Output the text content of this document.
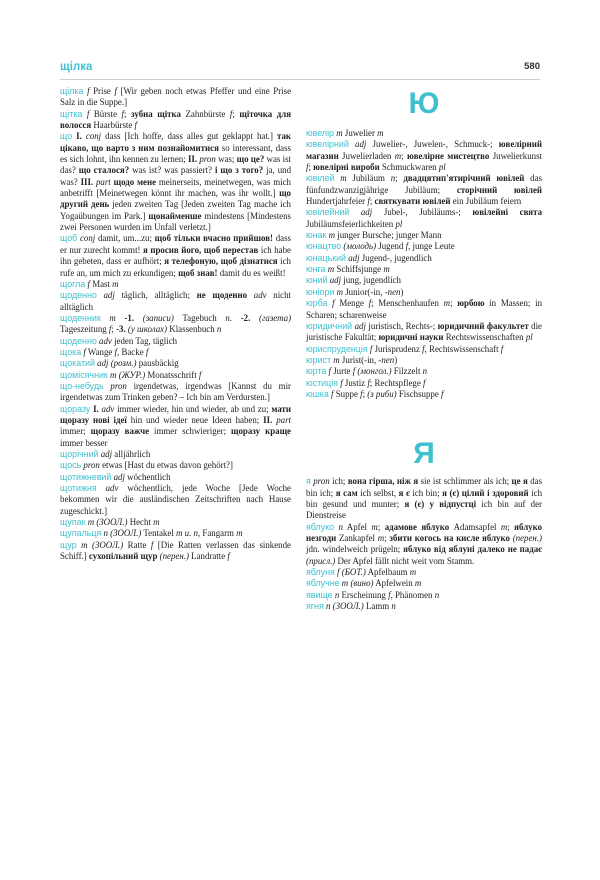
щілка	580

щілка f Prise f [Wir geben noch etwas Pfeffer und eine Prise Salz in die Suppe.]

щітка f Bürste f; зубна щітка Zahnbürste f; щіточка для волосся Haarbürste f

що I. conj dass [Ich hoffe, dass alles gut geklappt hat.] так цікаво, що варто з ним познайомитися so interessant, dass es sich lohnt, ihn kennen zu lernen; II. pron was; що це? was ist das? що сталося? was ist? was passiert? і що з того? ja, und was? III. part щодо мене meinerseits, meinetwegen, was mich anbetrifft [Meinetwegen könnt ihr machen, was ihr wollt.] що другий день jeden zweiten Tag [Jeden zweiten Tag mache ich Yogaübungen im Park.] щонайменше mindestens [Mindestens zwei Personen wurden im Unfall verletzt.]

щоб conj damit, um...zu; щоб тільки вчасно прийшов! dass er nur zurecht kommt! я просив його, щоб перестав ich habe ihn gebeten, dass er aufhört; я телефоную, щоб дізнатися ich rufe an, um mich zu erkundigen; щоб знав! damit du es weißt!

щогла f Mast m

щоденно adj täglich, alltäglich; не щоденно adv nicht alltäglich

щоденник m -1. (записи) Tagebuch n. -2. (газета) Tageszeitung f; -3. (у школах) Klassenbuch n

щоденно adv jeden Tag, täglich

щока f Wange f, Backe f

щокатий adj (розм.) pausbäckig

щомісячник m (ЖУР.) Monatsschrift f

що-небудь pron irgendetwas, irgendwas [Kannst du mir irgendetwas zum Trinken geben? – Ich bin am Verdursten.]

щоразу I. adv immer wieder, hin und wieder, ab und zu; мати щоразу нові ідеї hin und wieder neue Ideen haben; II. part immer; щоразу важче immer schwieriger; щоразу краще immer besser

щорічний adj alljährlich

щось pron etwas [Hast du etwas davon gehört?]

щотижневий adj wöchentlich

щотижня adv wöchentlich, jede Woche [Jede Woche bekommen wir die ausländischen Zeitschriften nach Hause zugeschickt.]

щупак m (ЗООЛ.) Hecht m

щупальця n (ЗООЛ.) Tentakel m u. n, Fangarm m

щур m (ЗООЛ.) Ratte f [Die Ratten verlassen das sinkende Schiff.] сухопільний щур (перен.) Landratte f

Ю

ювелір m Juwelier m

ювелірний adj Juwelier-, Juwelen-, Schmuck-; ювелірний магазин Juwelierladen m; ювелірне мистецтво Juwelierkunst f; ювелірні вироби Schmuckwaren pl

ювілей m Jubiläum n; двадцятип'ятирічний ювілей das fünfundzwanzigjährige Jubiläum; сторічний ювілей Hundertjahrfeier f; святкувати ювілей ein Jubiläum feiern

ювілейний adj Jubel-, Jubiläums-; ювілейні свята Jubiläumsfeierlichkeiten pl

юнак m junger Bursche; junger Mann

юнацтво (молодь) Jugend f, junge Leute

юнацький adj Jugend-, jugendlich

юнга m Schiffsjunge m

юний adj jung, jugendlich

юніори m Junior(-in, -nen)

юрба f Menge f; Menschenhaufen m; юрбою in Massen; in Scharen; scharenweise

юридичний adj juristisch, Rechts-; юридичний факультет die juristische Fakultät; юридичні науки Rechtswissenschaften pl

юриспруденція f Jurisprudenz f, Rechtswissenschaft f

юрист m Jurist(-in, -nen)

юрта f Jurte f (монгол.) Filzzelt n

юстиція f Justiz f; Rechtspflege f

юшка f Suppe f; (з риби) Fischsuppe f

Я

я pron ich; вона гірша, ніж я sie ist schlimmer als ich; це я das bin ich; я сам ich selbst, я є ich bin; я (є) цілий і здоровий ich bin gesund und munter; я (є) у відпустці ich bin auf der Dienstreise

яблуко n Apfel m; адамове яблуко Adamsapfel m; яблуко незгоди Zankapfel m; збити когось на кисле яблуко (перен.) jdn. windelweich prügeln; яблуко від яблуні далеко не падає (присл.) Der Apfel fällt nicht weit vom Stamm.

яблуня f (БОТ.) Apfelbaum m

яблучне m (вино) Apfelwein m

явище n Erscheinung f, Phänomen n

ягня n (ЗООЛ.) Lamm n
